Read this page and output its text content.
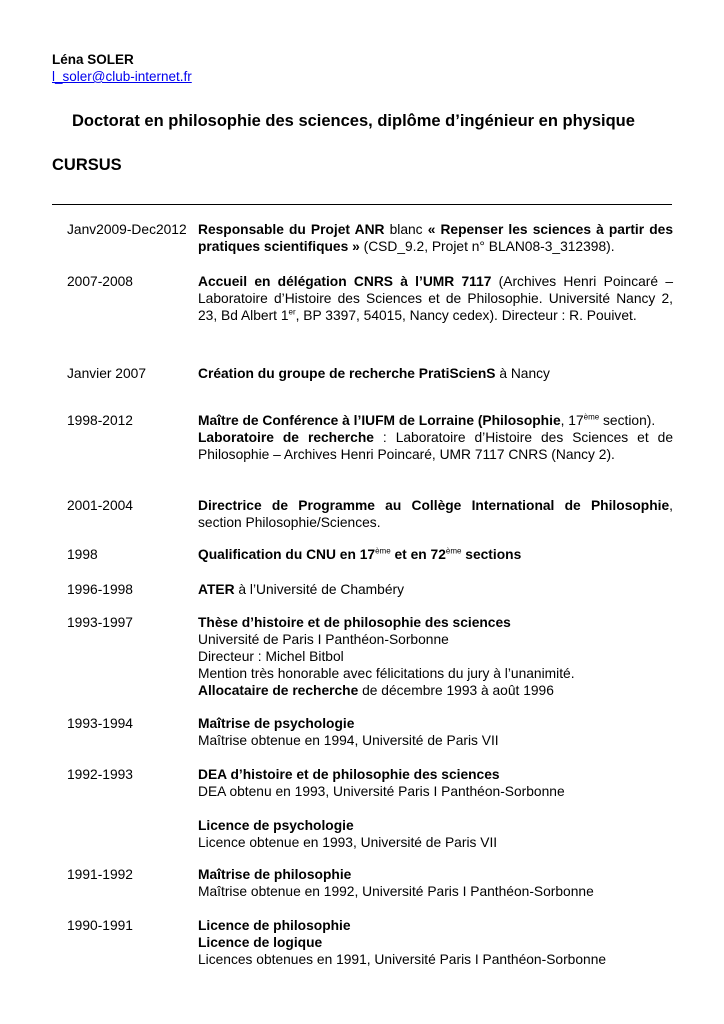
Léna SOLER
l_soler@club-internet.fr
Doctorat en philosophie des sciences, diplôme d’ingénieur en physique
CURSUS
Janv2009-Dec2012 Responsable du Projet ANR blanc « Repenser les sciences à partir des pratiques scientifiques » (CSD_9.2, Projet n° BLAN08-3_312398).
2007-2008	Accueil en délégation CNRS à l’UMR 7117 (Archives Henri Poincaré – Laboratoire d’Histoire des Sciences et de Philosophie. Université Nancy 2, 23, Bd Albert 1er, BP 3397, 54015, Nancy cedex). Directeur : R. Pouivet.
Janvier 2007	Création du groupe de recherche PratiScienS à Nancy
1998-2012	Maître de Conférence à l’IUFM de Lorraine (Philosophie, 17ème section).
Laboratoire de recherche : Laboratoire d’Histoire des Sciences et de Philosophie – Archives Henri Poincaré, UMR 7117 CNRS (Nancy 2).
2001-2004	Directrice de Programme au Collège International de Philosophie, section Philosophie/Sciences.
1998	Qualification du CNU en 17ème et en 72ème sections
1996-1998	ATER à l’Université de Chambéry
1993-1997	Thèse d’histoire et de philosophie des sciences
Université de Paris I Panthéon-Sorbonne
Directeur : Michel Bitbol
Mention très honorable avec félicitations du jury à l’unanimité.
Allocataire de recherche de décembre 1993 à août 1996
1993-1994	Maîtrise de psychologie
Maîtrise obtenue en 1994, Université de Paris VII
1992-1993	DEA d’histoire et de philosophie des sciences
DEA obtenu en 1993, Université Paris I Panthéon-Sorbonne
Licence de psychologie
Licence obtenue en 1993, Université de Paris VII
1991-1992	Maîtrise de philosophie
Maîtrise obtenue en 1992, Université Paris I Panthéon-Sorbonne
1990-1991	Licence de philosophie
Licence de logique
Licences obtenues en 1991, Université Paris I Panthéon-Sorbonne
